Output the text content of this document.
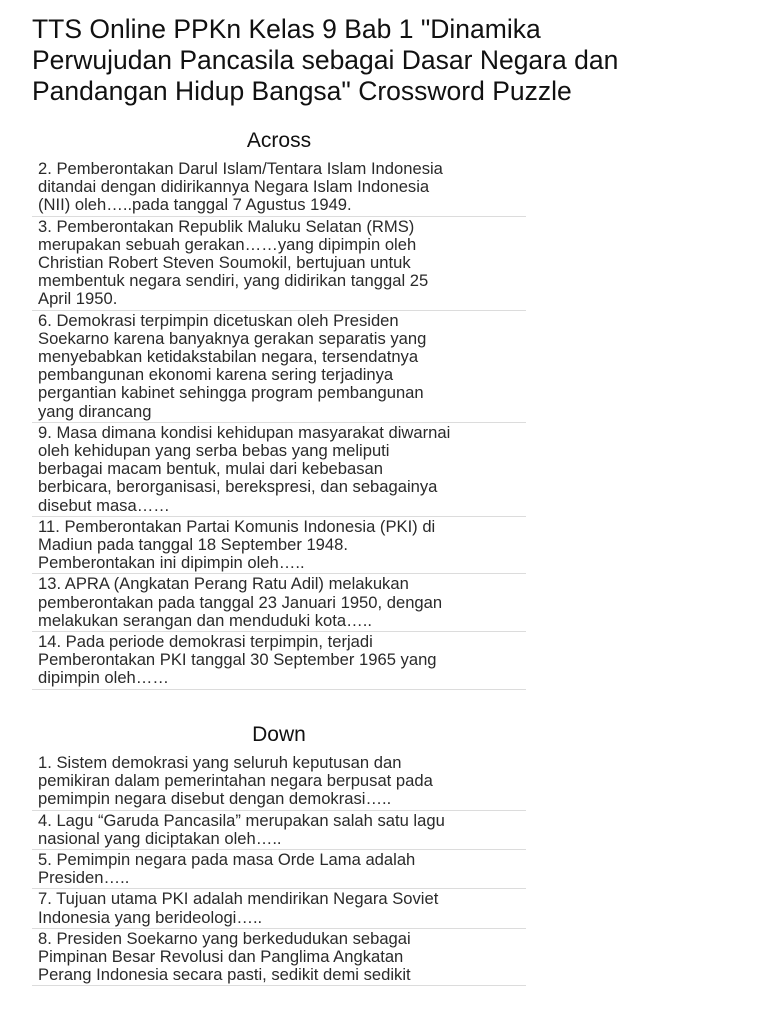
TTS Online PPKn Kelas 9 Bab 1 "Dinamika
Perwujudan Pancasila sebagai Dasar Negara dan
Pandangan Hidup Bangsa" Crossword Puzzle
Across
2. Pemberontakan Darul Islam/Tentara Islam Indonesia
ditandai dengan didirikannya Negara Islam Indonesia
(NII) oleh…..pada tanggal 7 Agustus 1949.
3. Pemberontakan Republik Maluku Selatan (RMS)
merupakan sebuah gerakan……yang dipimpin oleh
Christian Robert Steven Soumokil, bertujuan untuk
membentuk negara sendiri, yang didirikan tanggal 25
April 1950.
6. Demokrasi terpimpin dicetuskan oleh Presiden
Soekarno karena banyaknya gerakan separatis yang
menyebabkan ketidakstabilan negara, tersendatnya
pembangunan ekonomi karena sering terjadinya
pergantian kabinet sehingga program pembangunan
yang dirancang
9. Masa dimana kondisi kehidupan masyarakat diwarnai
oleh kehidupan yang serba bebas yang meliputi
berbagai macam bentuk, mulai dari kebebasan
berbicara, berorganisasi, berekspresi, dan sebagainya
disebut masa……
11. Pemberontakan Partai Komunis Indonesia (PKI) di
Madiun pada tanggal 18 September 1948.
Pemberontakan ini dipimpin oleh…..
13. APRA (Angkatan Perang Ratu Adil) melakukan
pemberontakan pada tanggal 23 Januari 1950, dengan
melakukan serangan dan menduduki kota…..
14. Pada periode demokrasi terpimpin, terjadi
Pemberontakan PKI tanggal 30 September 1965 yang
dipimpin oleh……
Down
1. Sistem demokrasi yang seluruh keputusan dan
pemikiran dalam pemerintahan negara berpusat pada
pemimpin negara disebut dengan demokrasi…..
4. Lagu “Garuda Pancasila” merupakan salah satu lagu
nasional yang diciptakan oleh…..
5. Pemimpin negara pada masa Orde Lama adalah
Presiden…..
7. Tujuan utama PKI adalah mendirikan Negara Soviet
Indonesia yang berideologi…..
8. Presiden Soekarno yang berkedudukan sebagai
Pimpinan Besar Revolusi dan Panglima Angkatan
Perang Indonesia secara pasti, sedikit demi sedikit
